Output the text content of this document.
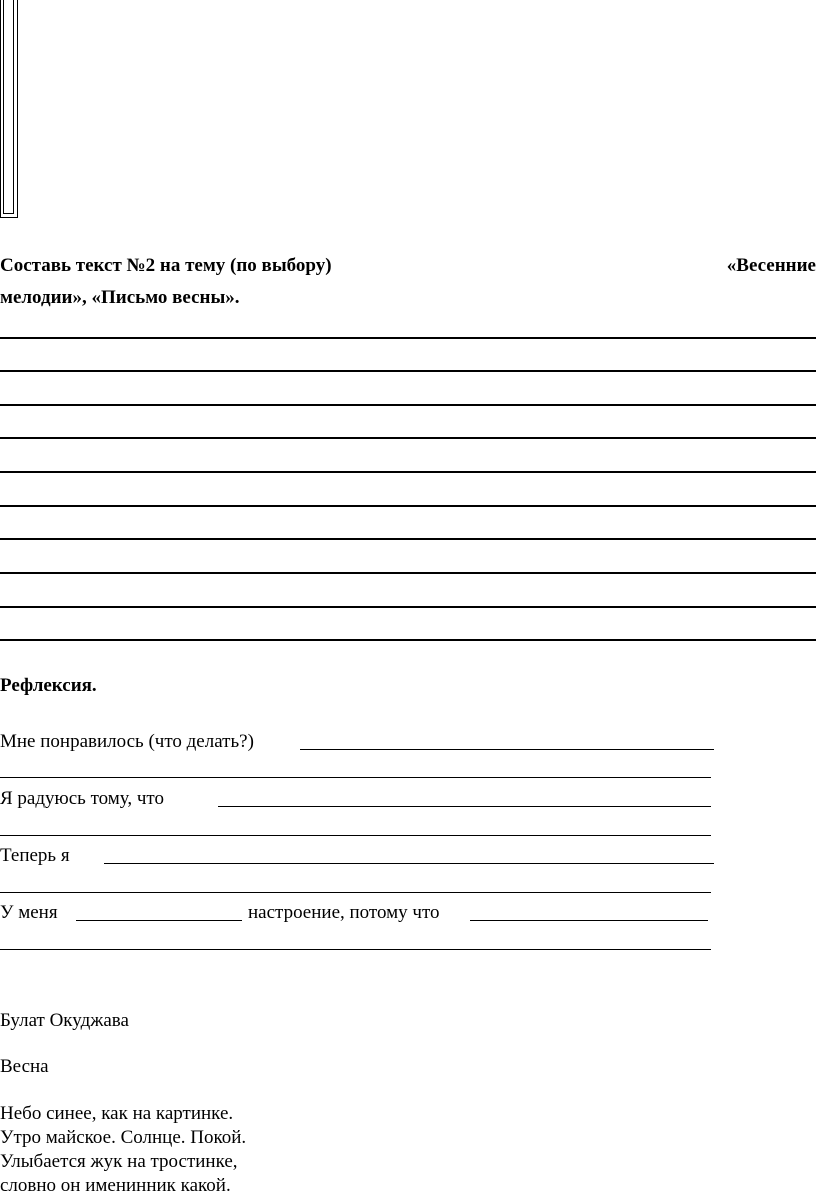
Составь текст №2 на тему (по выбору)	«Весенние
мелодии», «Письмо весны».
Рефлексия.
Мне понравилось (что делать?)
Я радуюсь тому, что
Теперь я
У меня	настроение, потому что
Булат Окуджава
Весна
Небо синее, как на картинке.
Утро майское. Солнце. Покой.
Улыбается жук на тростинке,
словно он именинник какой.
